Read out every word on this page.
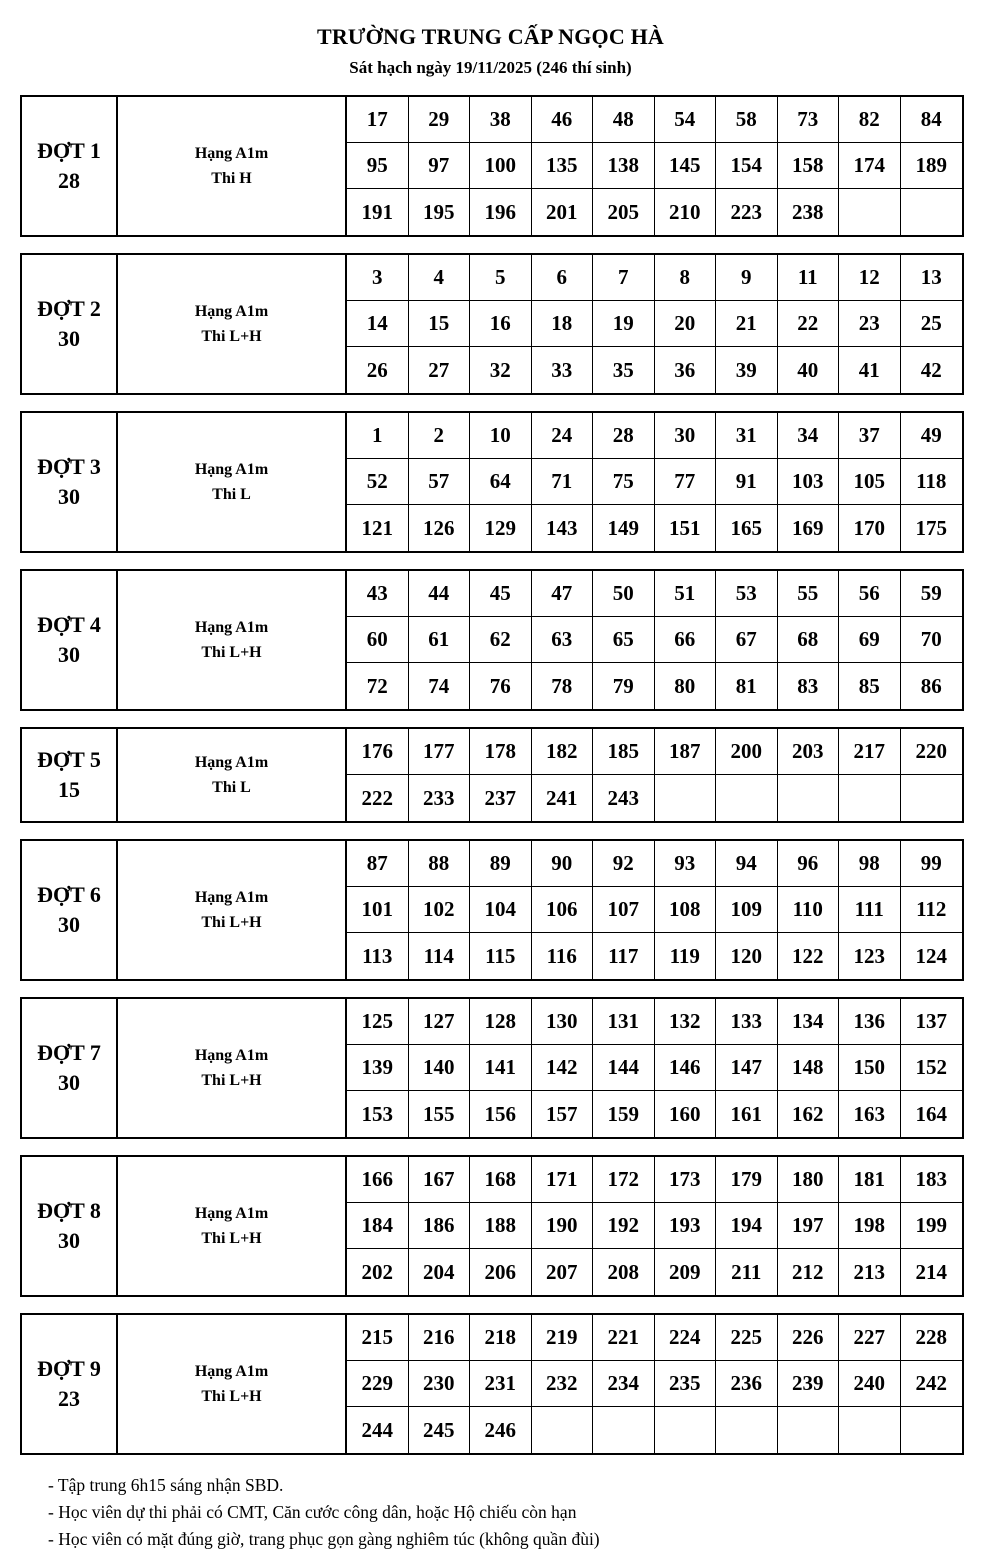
TRƯỜNG TRUNG CẤP NGỌC HÀ
Sát hạch ngày 19/11/2025 (246 thí sinh)
ĐỢT 1
28
Hạng A1m
Thi H
17	29	38	46	48	54	58	73	82	84
95	97	100	135	138	145	154	158	174	189
191	195	196	201	205	210	223	238
ĐỢT 2
30
Hạng A1m
Thi L+H
3	4	5	6	7	8	9	11	12	13
14	15	16	18	19	20	21	22	23	25
26	27	32	33	35	36	39	40	41	42
ĐỢT 3
30
Hạng A1m
Thi L
1	2	10	24	28	30	31	34	37	49
52	57	64	71	75	77	91	103	105	118
121	126	129	143	149	151	165	169	170	175
ĐỢT 4
30
Hạng A1m
Thi L+H
43	44	45	47	50	51	53	55	56	59
60	61	62	63	65	66	67	68	69	70
72	74	76	78	79	80	81	83	85	86
ĐỢT 5
15
Hạng A1m
Thi L
176	177	178	182	185	187	200	203	217	220
222	233	237	241	243
ĐỢT 6
30
Hạng A1m
Thi L+H
87	88	89	90	92	93	94	96	98	99
101	102	104	106	107	108	109	110	111	112
113	114	115	116	117	119	120	122	123	124
ĐỢT 7
30
Hạng A1m
Thi L+H
125	127	128	130	131	132	133	134	136	137
139	140	141	142	144	146	147	148	150	152
153	155	156	157	159	160	161	162	163	164
ĐỢT 8
30
Hạng A1m
Thi L+H
166	167	168	171	172	173	179	180	181	183
184	186	188	190	192	193	194	197	198	199
202	204	206	207	208	209	211	212	213	214
ĐỢT 9
23
Hạng A1m
Thi L+H
215	216	218	219	221	224	225	226	227	228
229	230	231	232	234	235	236	239	240	242
244	245	246
- Tập trung 6h15 sáng nhận SBD.
- Học viên dự thi phải có CMT, Căn cước công dân, hoặc Hộ chiếu còn hạn
- Học viên có mặt đúng giờ, trang phục gọn gàng nghiêm túc (không quần đùi)
